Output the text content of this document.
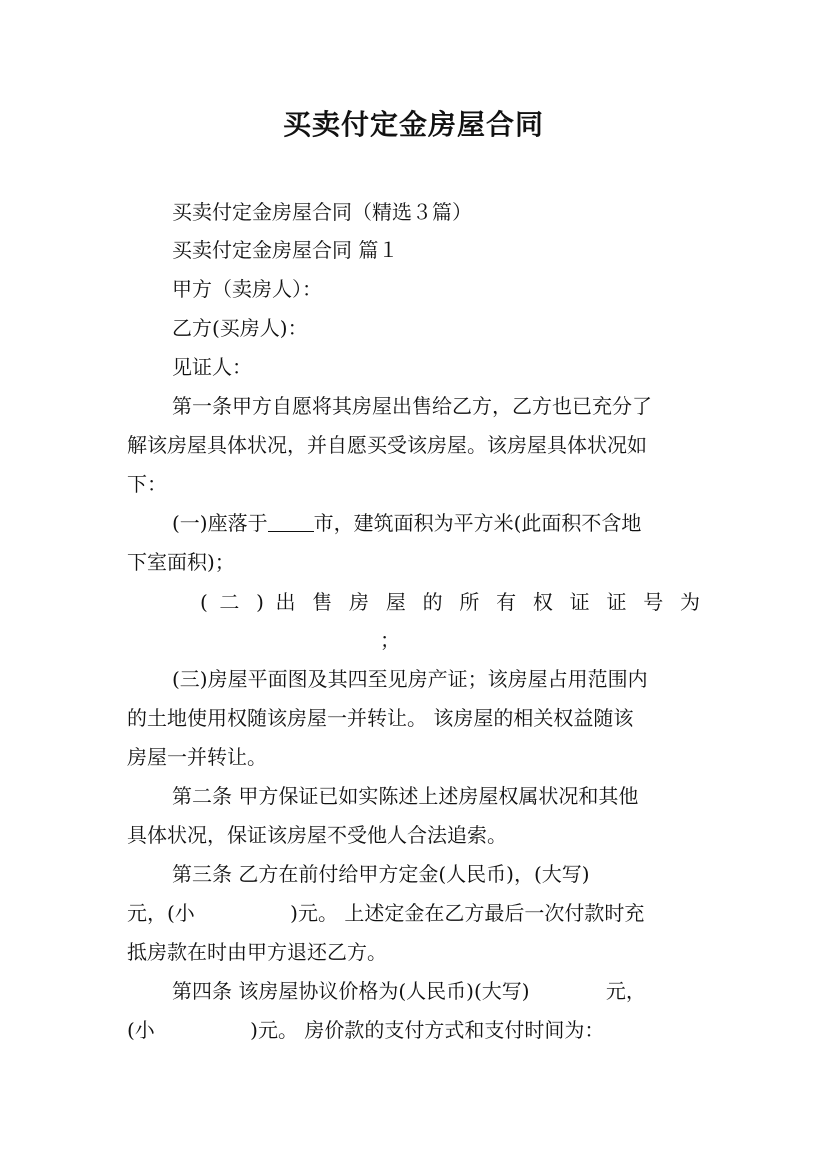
买卖付定金房屋合同
买卖付定金房屋合同（精选３篇）
买卖付定金房屋合同 篇１
甲方（卖房人）：
乙方(买房人)：
见证人：
第一条甲方自愿将其房屋出售给乙方，乙方也已充分了
解该房屋具体状况，并自愿买受该房屋。该房屋具体状况如
下：
(一)座落于 市，建筑面积为平方米(此面积不含地
下室面积)；
( 二 ) 出 售 房 屋 的 所 有 权 证 证 号 为
；
(三)房屋平面图及其四至见房产证；该房屋占用范围内
的土地使用权随该房屋一并转让。 该房屋的相关权益随该
房屋一并转让。
第二条 甲方保证已如实陈述上述房屋权属状况和其他
具体状况，保证该房屋不受他人合法追索。
第三条 乙方在前付给甲方定金(人民币)，(大写)
元，(小               )元。 上述定金在乙方最后一次付款时充
抵房款在时由甲方退还乙方。
第四条 该房屋协议价格为(人民币)(大写)            元，
(小               )元。 房价款的支付方式和支付时间为：
